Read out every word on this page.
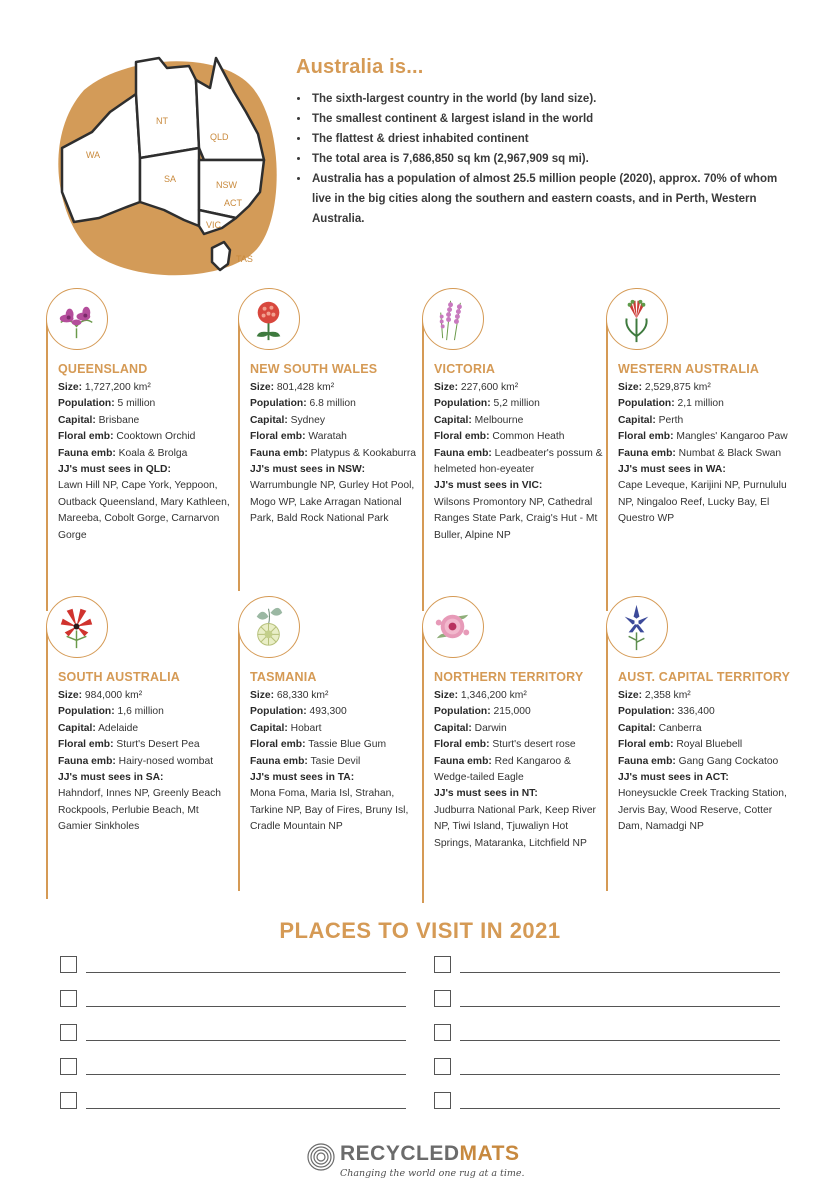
WA
NT
QLD
SA
NSW
ACT
VIC
TAS
Australia is...
• The sixth-largest country in the world (by land size).
• The smallest continent & largest island in the world
• The flattest & driest inhabited continent
• The total area is 7,686,850 sq km (2,967,909 sq mi).
• Australia has a population of almost 25.5 million people (2020), approx. 70% of whom live in the big cities along the southern and eastern coasts, and in Perth, Western Australia.
QUEENSLAND
Size: 1,727,200 km²
Population: 5 million
Capital: Brisbane
Floral emb: Cooktown Orchid
Fauna emb: Koala & Brolga
JJ's must sees in QLD:
Lawn Hill NP, Cape York, Yeppoon, Outback Queensland, Mary Kathleen, Mareeba, Cobolt Gorge, Carnarvon Gorge
NEW SOUTH WALES
Size: 801,428 km²
Population: 6.8 million
Capital: Sydney
Floral emb: Waratah
Fauna emb: Platypus & Kookaburra
JJ's must sees in NSW:
Warrumbungle NP, Gurley Hot Pool, Mogo WP, Lake Arragan National Park, Bald Rock National Park
VICTORIA
Size: 227,600 km²
Population: 5,2 million
Capital: Melbourne
Floral emb: Common Heath
Fauna emb: Leadbeater's possum & helmeted hon-eyeater
JJ's must sees in VIC:
Wilsons Promontory NP, Cathedral Ranges State Park, Craig's Hut - Mt Buller, Alpine NP
WESTERN AUSTRALIA
Size: 2,529,875 km²
Population: 2,1 million
Capital: Perth
Floral emb: Mangles' Kangaroo Paw
Fauna emb: Numbat & Black Swan
JJ's must sees in WA:
Cape Leveque, Karijini NP, Purnululu NP, Ningaloo Reef, Lucky Bay, El Questro WP
SOUTH AUSTRALIA
Size: 984,000 km²
Population: 1,6 million
Capital: Adelaide
Floral emb: Sturt's Desert Pea
Fauna emb: Hairy-nosed wombat
JJ's must sees in SA:
Hahndorf, Innes NP, Greenly Beach Rockpools, Perlubie Beach, Mt Gamier Sinkholes
TASMANIA
Size: 68,330 km²
Population: 493,300
Capital: Hobart
Floral emb: Tassie Blue Gum
Fauna emb: Tasie Devil
JJ's must sees in TA:
Mona Foma, Maria Isl, Strahan, Tarkine NP, Bay of Fires, Bruny Isl, Cradle Mountain NP
NORTHERN TERRITORY
Size: 1,346,200 km²
Population: 215,000
Capital: Darwin
Floral emb: Sturt's desert rose
Fauna emb: Red Kangaroo & Wedge-tailed Eagle
JJ's must sees in NT:
Judburra National Park, Keep River NP, Tiwi Island, Tjuwaliyn Hot Springs, Mataranka, Litchfield NP
AUST. CAPITAL TERRITORY
Size: 2,358 km²
Population: 336,400
Capital: Canberra
Floral emb: Royal Bluebell
Fauna emb: Gang Gang Cockatoo
JJ's must sees in ACT:
Honeysuckle Creek Tracking Station, Jervis Bay, Wood Reserve, Cotter Dam, Namadgi NP
PLACES TO VISIT IN 2021
RECYCLEDMATS
Changing the world one rug at a time.
